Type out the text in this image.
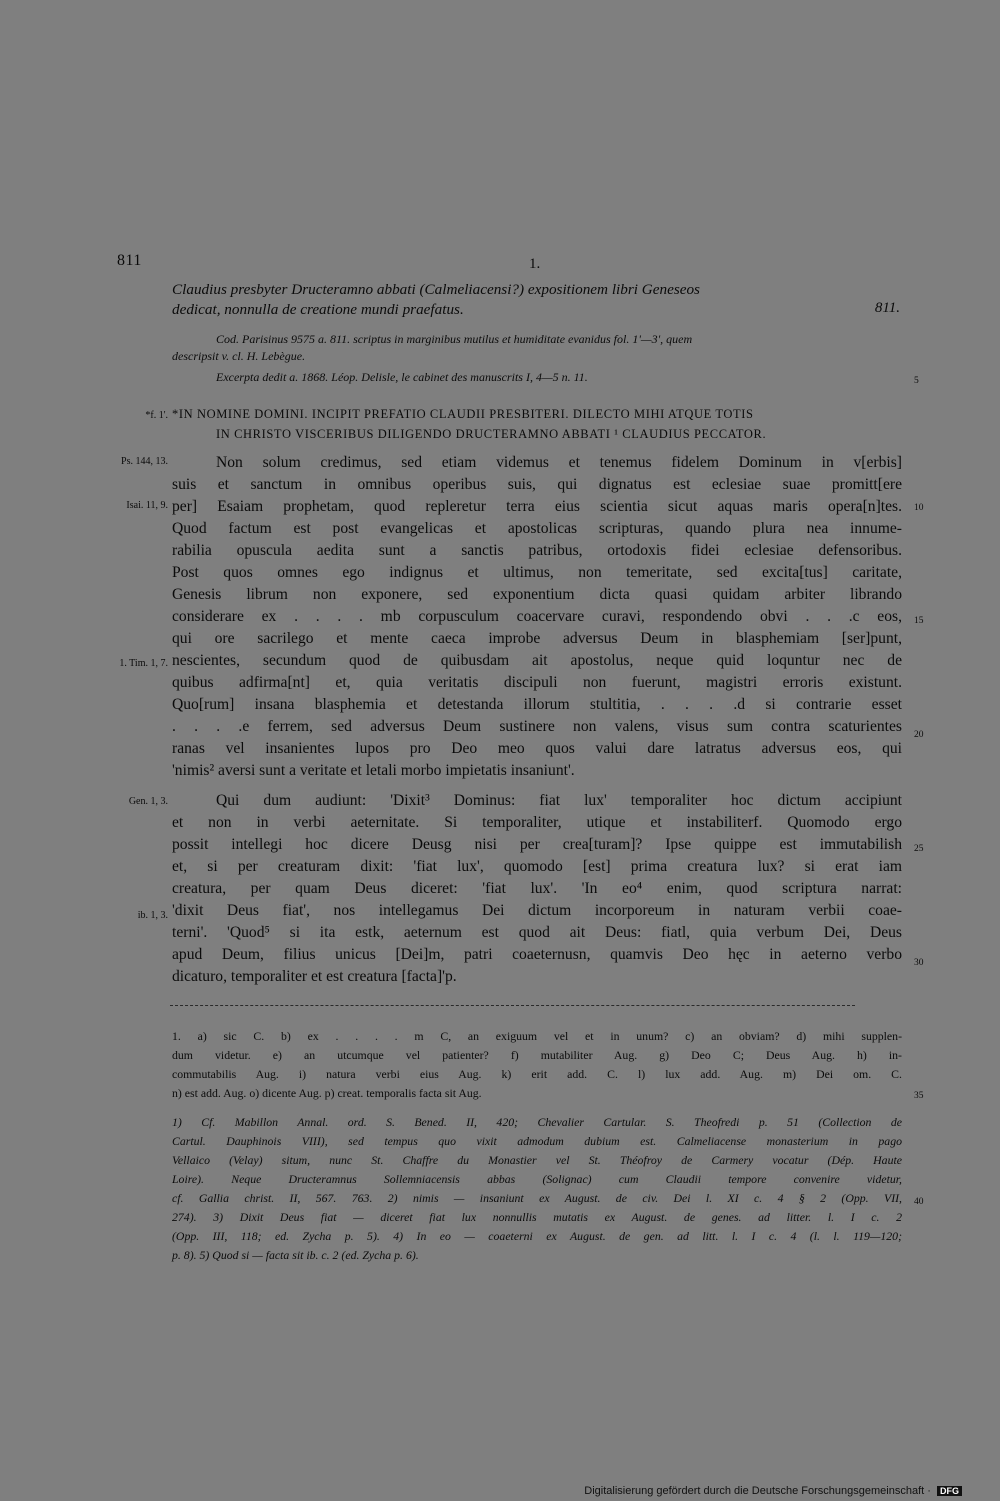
811	1.
Claudius presbyter Dructeramno abbati (Calmeliacensi?) expositionem libri Geneseos
dedicat, nonnulla de creatione mundi praefatus.	811.
Cod. Parisinus 9575 a. 811. scriptus in marginibus mutilus et humiditate evanidus fol. 1'—3', quem
descripsit v. cl. H. Lebègue.
Excerpta dedit a. 1868. Léop. Delisle, le cabinet des manuscrits I, 4—5 n. 11.
*IN NOMINE DOMINI. INCIPIT PREFATIO CLAUDII PRESBITERI. DILECTO MIHI ATQUE TOTIS
IN CHRISTO VISCERIBUS DILIGENDO DRUCTERAMNO ABBATI ¹ CLAUDIUS PECCATOR.
*f. 1'.
Ps. 144, 13.
Isai. 11, 9.
1. Tim. 1, 7.
Gen. 1, 3.
ib. 1, 3.
5
10
15
20
25
30
35
40
Non solum credimus, sed etiam videmus et tenemus fidelem Dominum in v[erbis]
suis et sanctum in omnibus operibus suis, qui dignatus est eclesiae suae promitt[ere
per] Esaiam prophetam, quod repleretur terra eius scientia sicut aquas maris opera[n]tes.
Quod factum est post evangelicas et apostolicas scripturas, quando plura nea innume-
rabilia opuscula aedita sunt a sanctis patribus, ortodoxis fidei eclesiae defensoribus.
Post quos omnes ego indignus et ultimus, non temeritate, sed excita[tus] caritate,
Genesis librum non exponere, sed exponentium dicta quasi quidam arbiter librando
considerare ex . . . . mb corpusculum coacervare curavi, respondendo obvi . . .c eos,
qui ore sacrilego et mente caeca improbe adversus Deum in blasphemiam [ser]punt,
nescientes, secundum quod de quibusdam ait apostolus, neque quid loquntur nec de
quibus adfirma[nt] et, quia veritatis discipuli non fuerunt, magistri erroris existunt.
Quo[rum] insana blasphemia et detestanda illorum stultitia, . . . .d si contrarie esset
. . . .e ferrem, sed adversus Deum sustinere non valens, visus sum contra scaturientes
ranas vel insanientes lupos pro Deo meo quos valui dare latratus adversus eos, qui
'nimis² aversi sunt a veritate et letali morbo impietatis insaniunt'.
Qui dum audiunt: 'Dixit³ Dominus: fiat lux' temporaliter hoc dictum accipiunt
et non in verbi aeternitate. Si temporaliter, utique et instabiliterf. Quomodo ergo
possit intellegi hoc dicere Deusg nisi per crea[turam]? Ipse quippe est immutabilish
et, si per creaturam dixit: 'fiat lux', quomodo [est] prima creatura lux? si erat iam
creatura, per quam Deus diceret: 'fiat lux'. 'In eo⁴ enim, quod scriptura narrat:
'dixit Deus fiat', nos intellegamus Dei dictum incorporeum in naturam verbii coae-
terni'. 'Quod⁵ si ita estk, aeternum est quod ait Deus: fiatl, quia verbum Dei, Deus
apud Deum, filius unicus [Dei]m, patri coaeternusn, quamvis Deo hęc in aeterno verbo
dicaturo, temporaliter et est creatura [facta]'p.
1. a) sic C. b) ex . . . . m C, an exiguum vel et in unum? c) an obviam? d) mihi supplen-
dum videtur. e) an utcumque vel patienter? f) mutabiliter Aug. g) Deo C; Deus Aug. h) in-
commutabilis Aug. i) natura verbi eius Aug. k) erit add. C. l) lux add. Aug. m) Dei om. C.
n) est add. Aug. o) dicente Aug. p) creat. temporalis facta sit Aug.
1) Cf. Mabillon Annal. ord. S. Bened. II, 420; Chevalier Cartular. S. Theofredi p. 51 (Collection de
Cartul. Dauphinois VIII), sed tempus quo vixit admodum dubium est. Calmeliacense monasterium in pago
Vellaico (Velay) situm, nunc St. Chaffre du Monastier vel St. Théofroy de Carmery vocatur (Dép. Haute
Loire). Neque Dructeramnus Sollemniacensis abbas (Solignac) cum Claudii tempore convenire videtur,
cf. Gallia christ. II, 567. 763. 2) nimis — insaniunt ex August. de civ. Dei l. XI c. 4 § 2 (Opp. VII,
274). 3) Dixit Deus fiat — diceret fiat lux nonnullis mutatis ex August. de genes. ad litter. l. I c. 2
(Opp. III, 118; ed. Zycha p. 5). 4) In eo — coaeterni ex August. de gen. ad litt. l. I c. 4 (l. l. 119—120;
p. 8). 5) Quod si — facta sit ib. c. 2 (ed. Zycha p. 6).
Digitalisierung gefördert durch die Deutsche Forschungsgemeinschaft · DFG
